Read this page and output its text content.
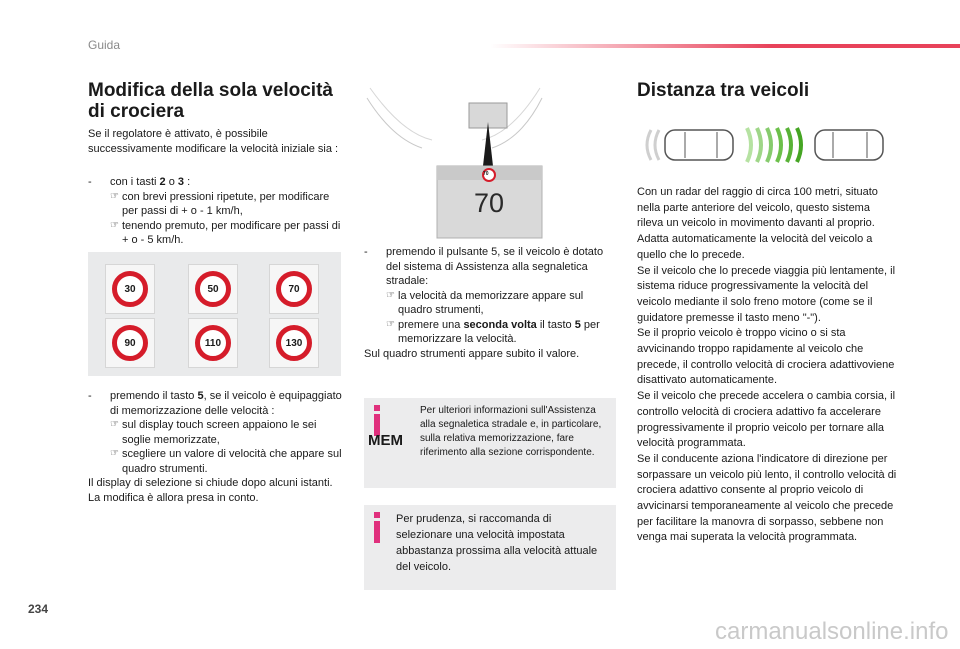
Guida
Modifica della sola velocità di crociera
Se il regolatore è attivato, è possibile successivamente modificare la velocità iniziale sia :
-	con i tasti 2 o 3 :
☞ con brevi pressioni ripetute, per modificare per passi di + o - 1 km/h,
☞ tenendo premuto, per modificare per passi di + o - 5 km/h.
30	50	70
90	110	130
-	premendo il tasto 5, se il veicolo è equipaggiato di memorizzazione delle velocità :
☞ sul display touch screen appaiono le sei soglie memorizzate,
☞ scegliere un valore di velocità che appare sul quadro strumenti.
Il display di selezione si chiude dopo alcuni istanti.
La modifica è allora presa in conto.
70
70
-	premendo il pulsante 5, se il veicolo è dotato del sistema di Assistenza alla segnaletica stradale:
☞ la velocità da memorizzare appare sul quadro strumenti,
☞ premere una seconda volta il tasto 5 per memorizzare la velocità.
Sul quadro strumenti appare subito il valore.
MEM
Per ulteriori informazioni sull'Assistenza alla segnaletica stradale e, in particolare, sulla relativa memorizzazione, fare riferimento alla sezione corrispondente.
Per prudenza, si raccomanda di selezionare una velocità impostata abbastanza prossima alla velocità attuale del veicolo.
Distanza tra veicoli
Con un radar del raggio di circa 100 metri, situato nella parte anteriore del veicolo, questo sistema rileva un veicolo in movimento davanti al proprio.
Adatta automaticamente la velocità del veicolo a quello che lo precede.
Se il veicolo che lo precede viaggia più lentamente, il sistema riduce progressivamente la velocità del veicolo mediante il solo freno motore (come se il guidatore premesse il tasto meno "-").
Se il proprio veicolo è troppo vicino o si sta avvicinando troppo rapidamente al veicolo che precede, il controllo velocità di crociera adattivoviene disattivato automaticamente.
Se il veicolo che precede accelera o cambia corsia, il controllo velocità di crociera adattivo fa accelerare progressivamente il proprio veicolo per tornare alla velocità programmata.
Se il conducente aziona l'indicatore di direzione per sorpassare un veicolo più lento, il controllo velocità di crociera adattivo consente al proprio veicolo di avvicinarsi temporaneamente al veicolo che precede per facilitare la manovra di sorpasso, sebbene non venga mai superata la velocità programmata.
234
carmanualsonline.info
